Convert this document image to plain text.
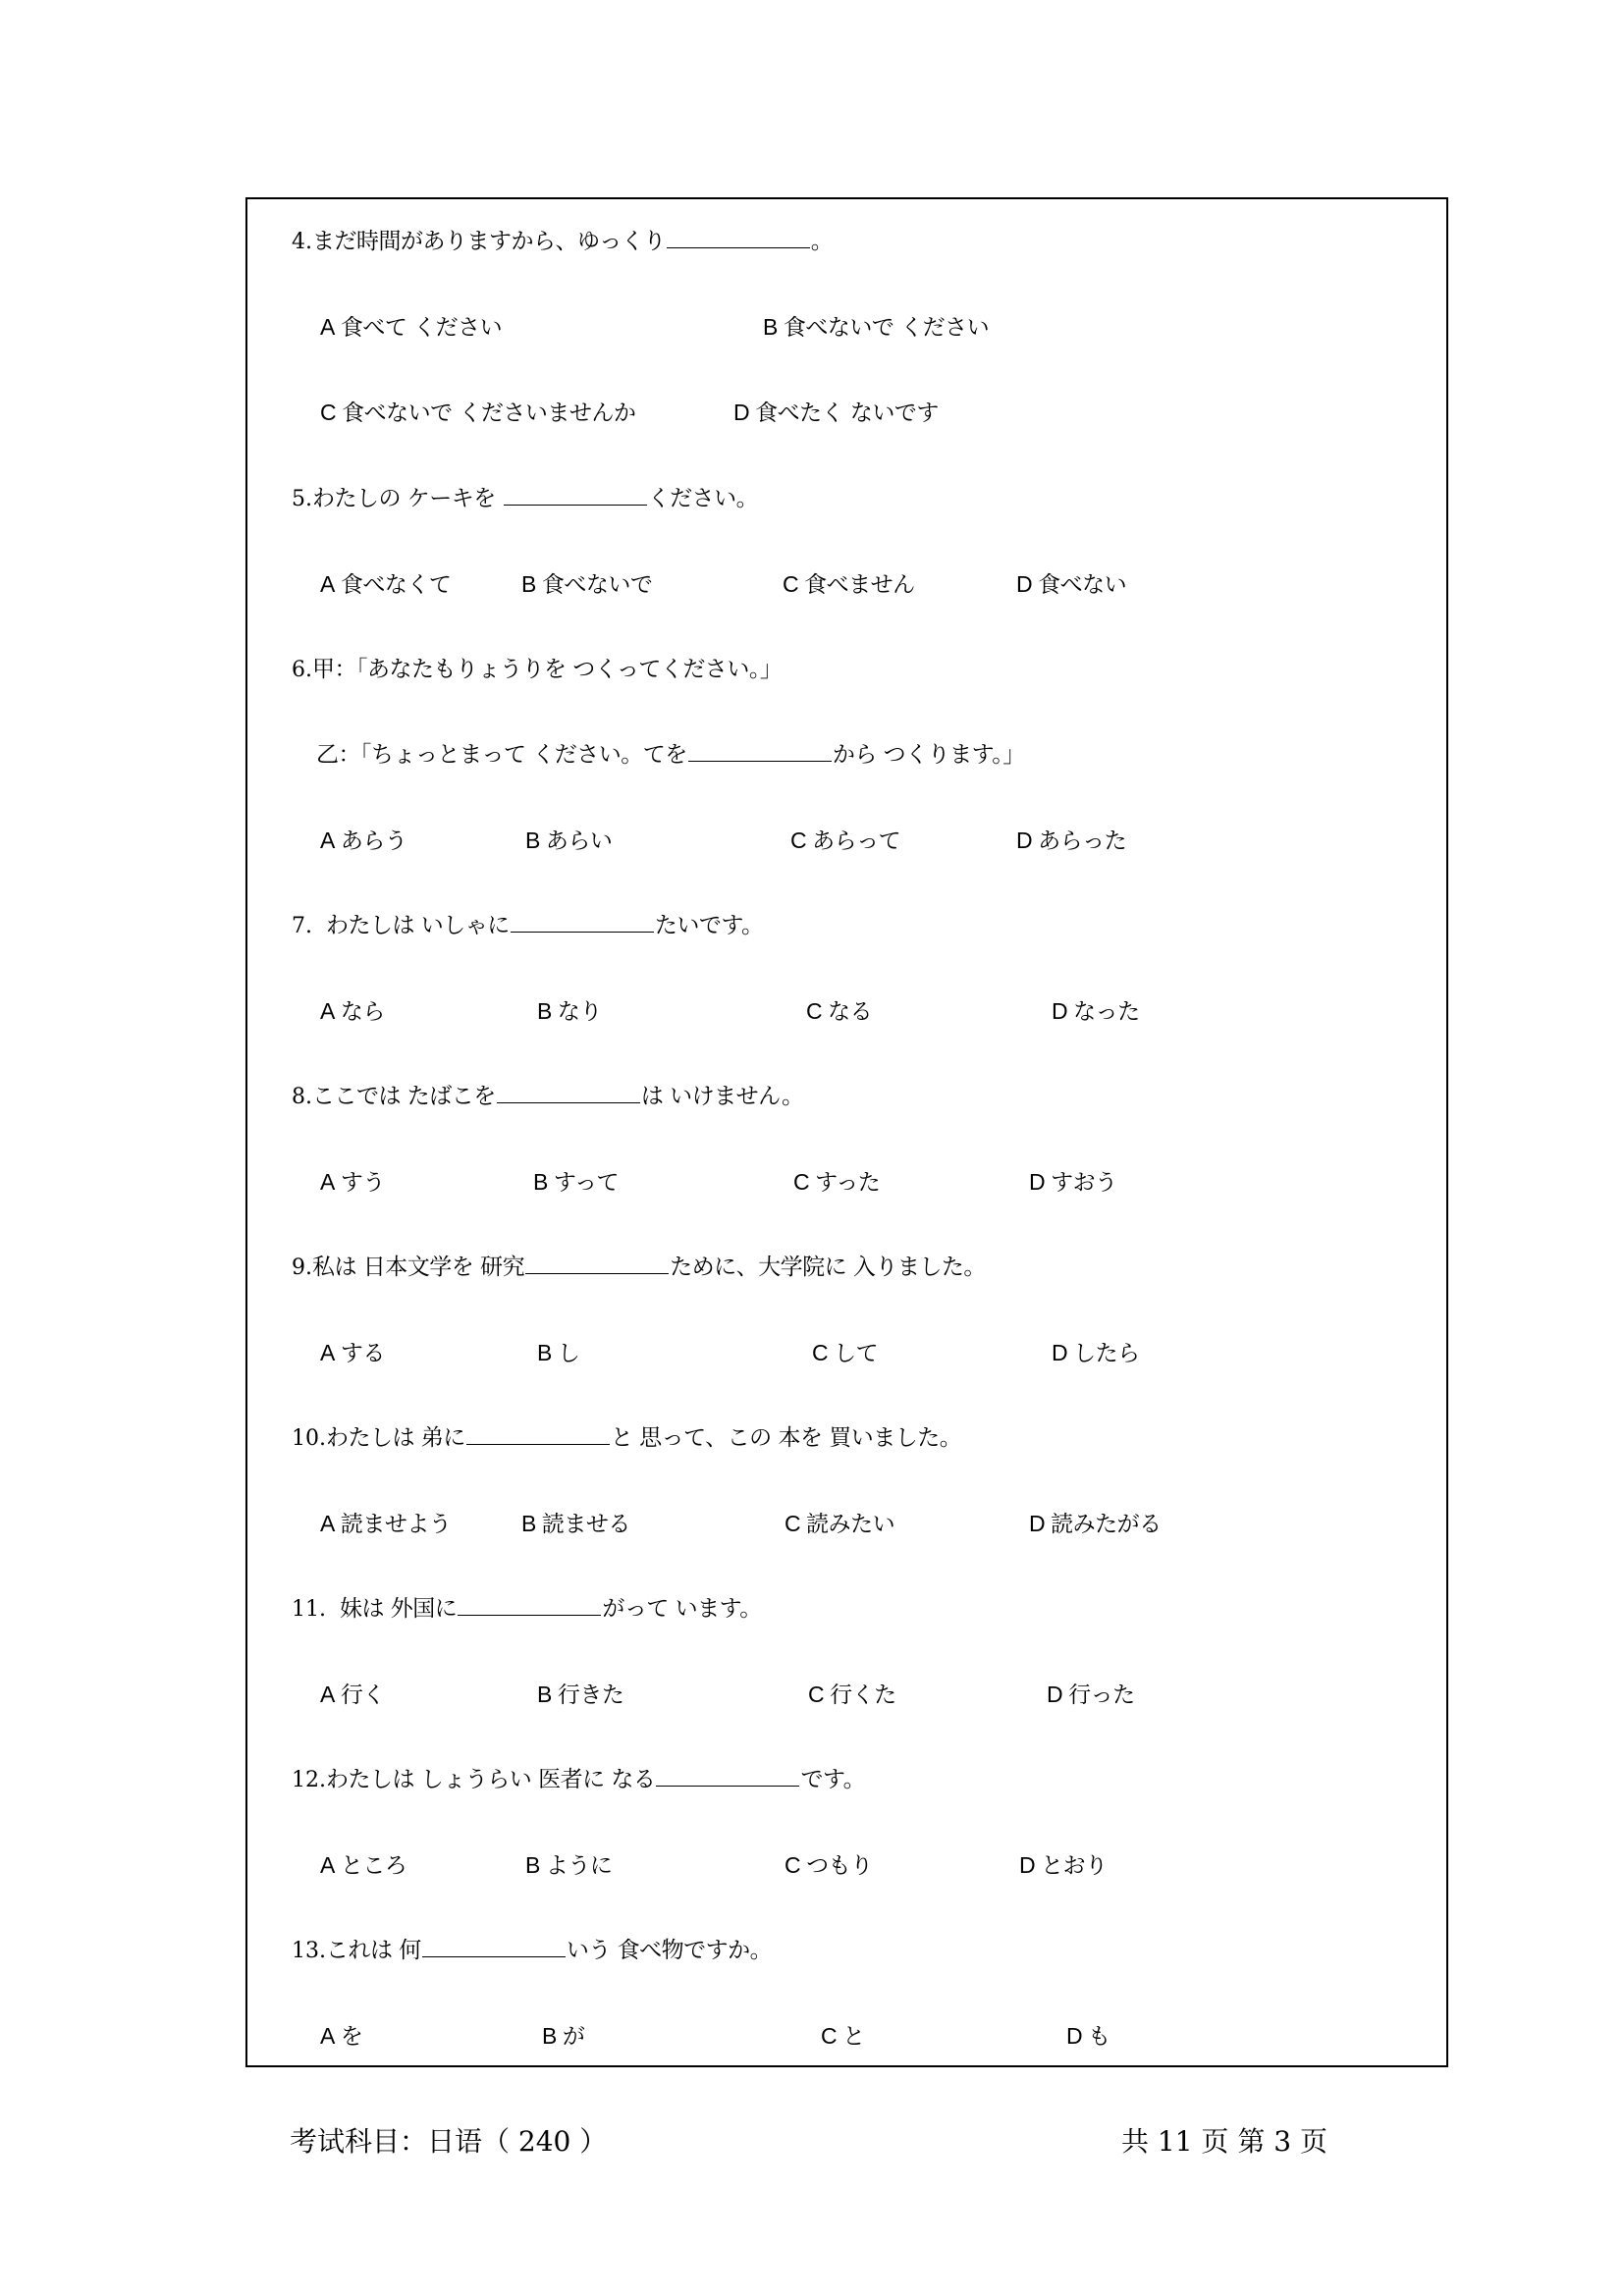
4.まだ時間がありますから、ゆっくり	。
A 食べて ください	B 食べないで ください
C 食べないで くださいませんか	D 食べたく ないです
5.わたしの ケーキを	ください。
A 食べなくて	B 食べないで	C 食べません	D 食べない
6.甲：「あなたもりょうりを つくってください。」
乙：「ちょっとまって ください。てを	から つくります。」
A あらう	B あらい	C あらって	D あらった
7. わたしは いしゃに	たいです。
A なら	B なり	C なる	D なった
8.ここでは たばこを	は いけません。
A すう	B すって	C すった	D すおう
9.私は 日本文学を 研究	ために、大学院に 入りました。
A する	B し	C して	D したら
10.わたしは 弟に	と 思って、この 本を 買いました。
A 読ませよう	B 読ませる	C 読みたい	D 読みたがる
11. 妹は 外国に	がって います。
A 行く	B 行きた	C 行くた	D 行った
12.わたしは しょうらい 医者に なる	です。
A ところ	B ように	C つもり	D とおり
13.これは 何	いう 食べ物ですか。
A を	B が	C と	D も
考试科目：日语（ 240 ）	共 11 页 第 3 页
